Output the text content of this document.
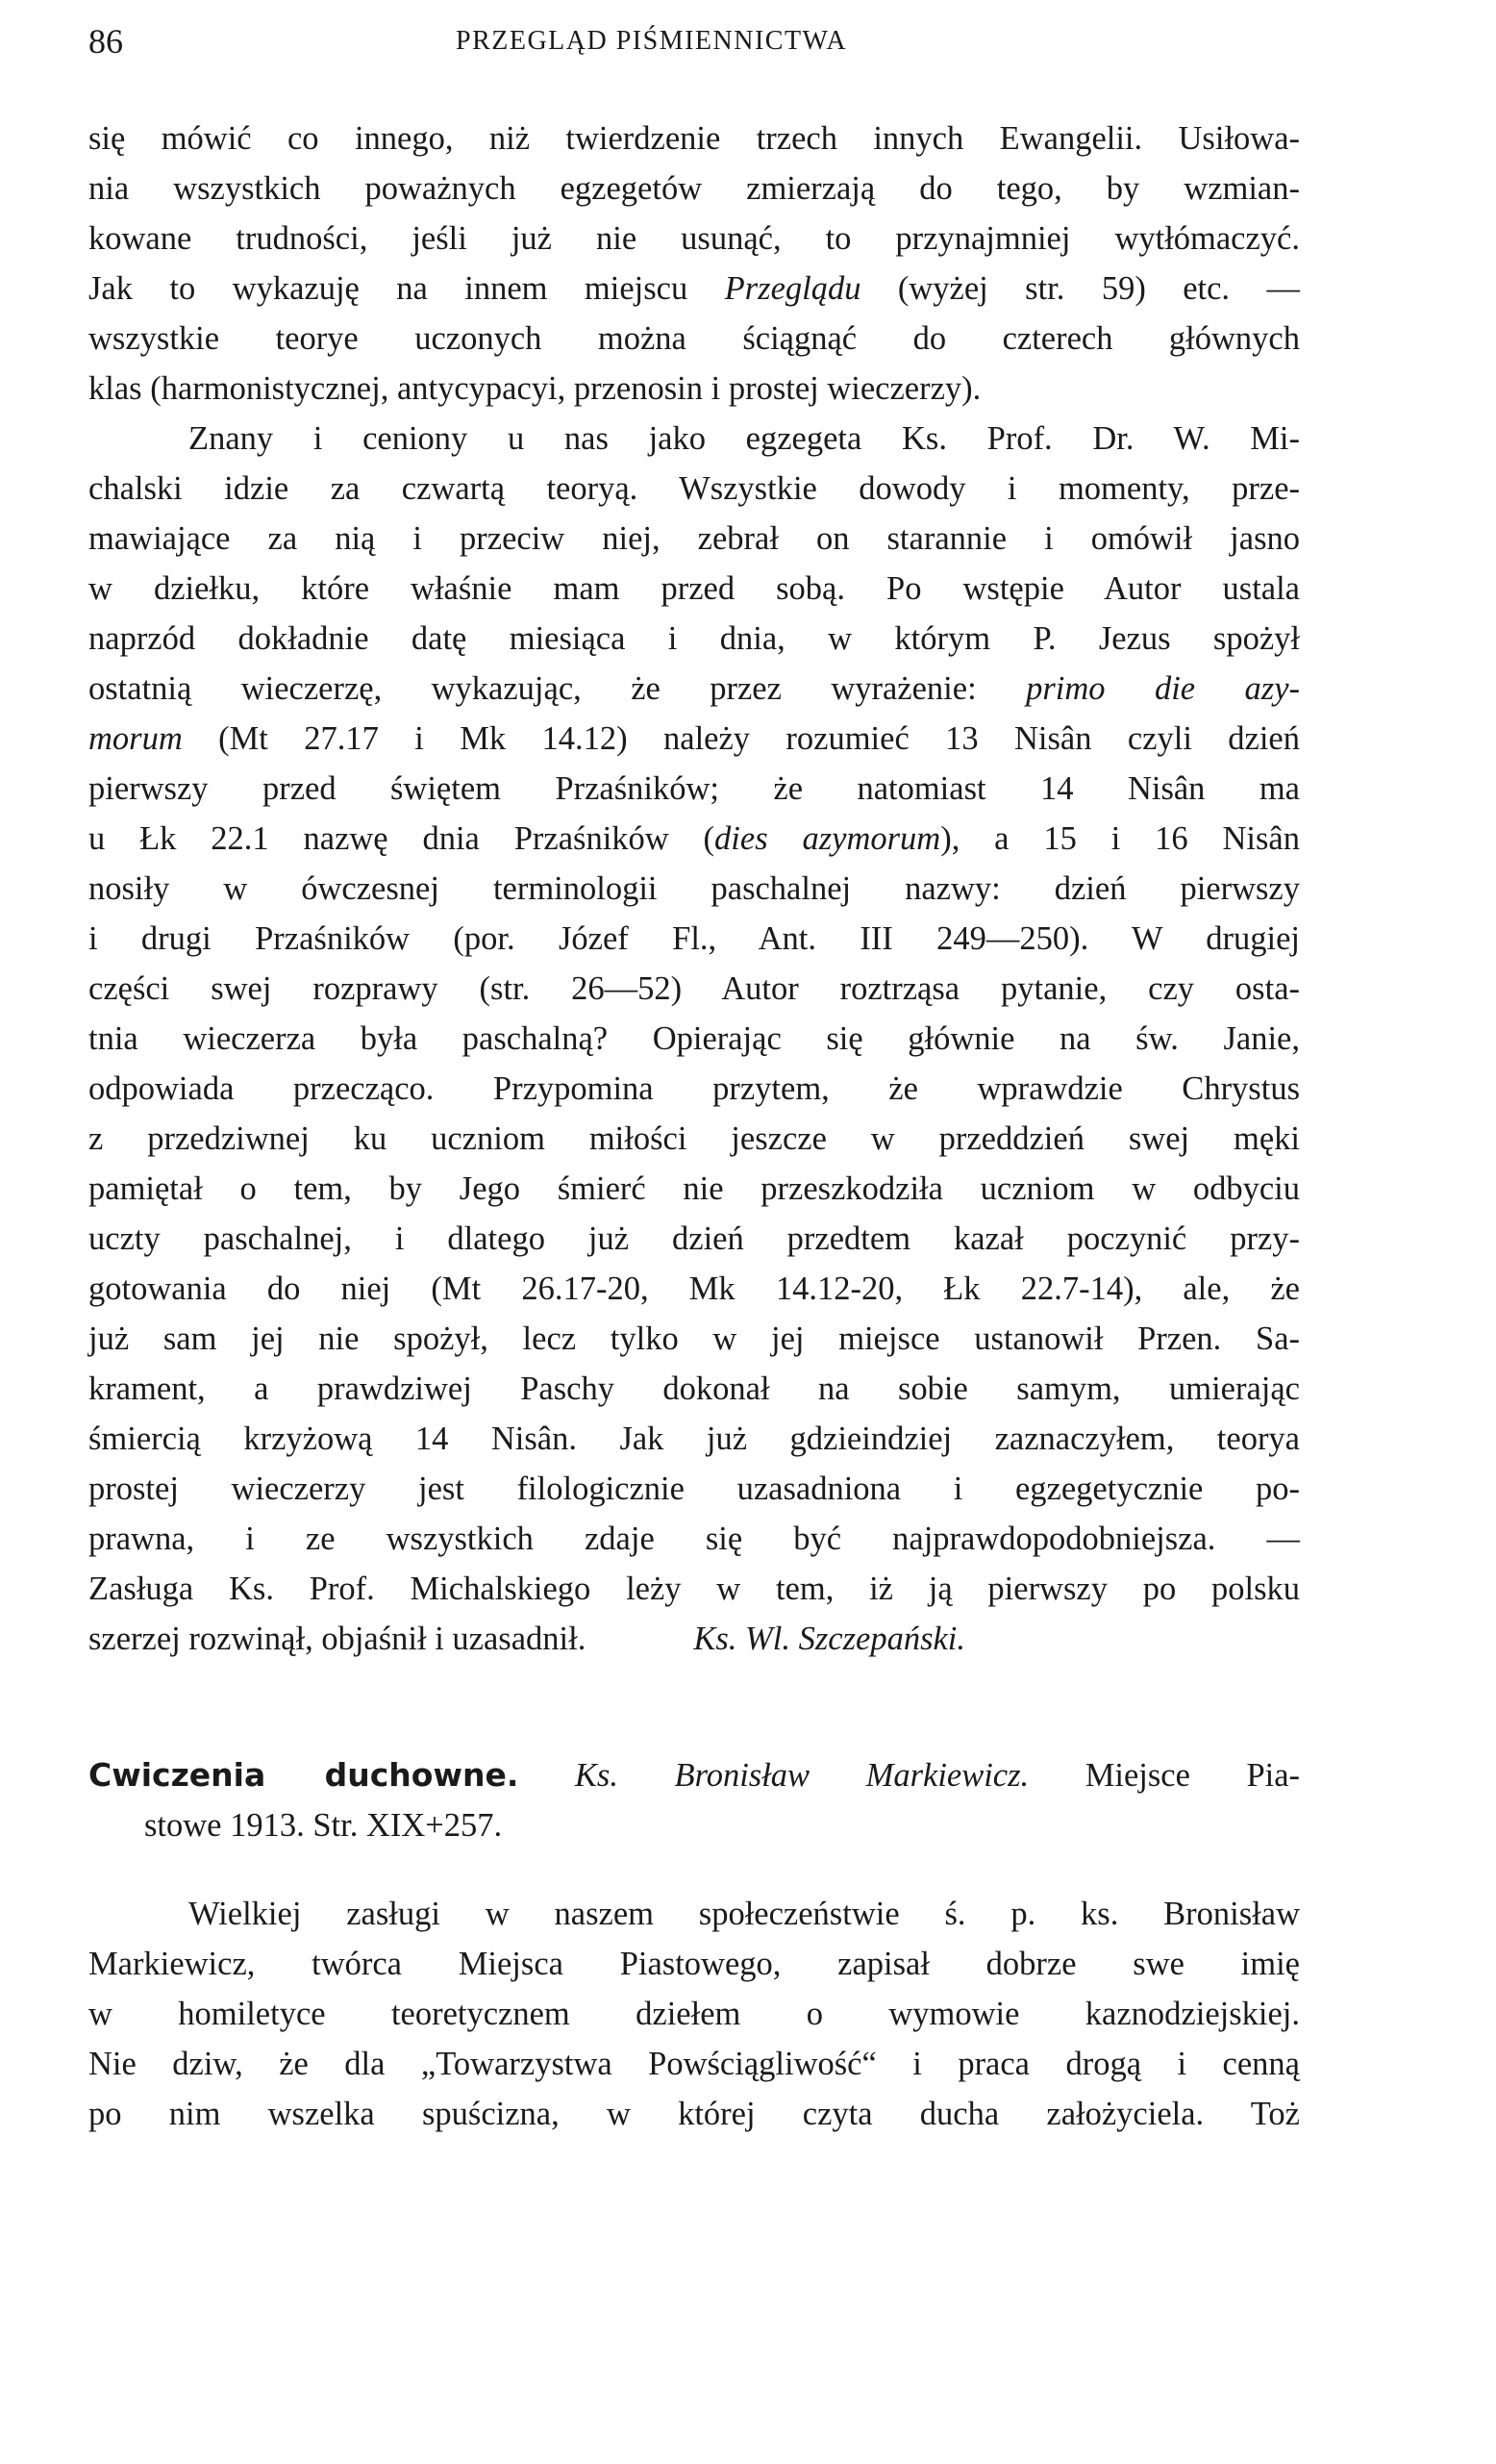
86	PRZEGLĄD PIŚMIENNICTWA
się mówić co innego, niż twierdzenie trzech innych Ewangelii. Usiłowa-
nia wszystkich poważnych egzegetów zmierzają do tego, by wzmian-
kowane trudności, jeśli już nie usunąć, to przynajmniej wytłómaczyć.
Jak to wykazuję na innem miejscu Przeglądu (wyżej str. 59) etc. —
wszystkie teorye uczonych można ściągnąć do czterech głównych
klas (harmonistycznej, antycypacyi, przenosin i prostej wieczerzy).
Znany i ceniony u nas jako egzegeta Ks. Prof. Dr. W. Mi-
chalski idzie za czwartą teoryą. Wszystkie dowody i momenty, prze-
mawiające za nią i przeciw niej, zebrał on starannie i omówił jasno
w dziełku, które właśnie mam przed sobą. Po wstępie Autor ustala
naprzód dokładnie datę miesiąca i dnia, w którym P. Jezus spożył
ostatnią wieczerzę, wykazując, że przez wyrażenie: primo die azy-
morum (Mt 27.17 i Mk 14.12) należy rozumieć 13 Nisân czyli dzień
pierwszy przed świętem Przaśników; że natomiast 14 Nisân ma
u Łk 22.1 nazwę dnia Przaśników (dies azymorum), a 15 i 16 Nisân
nosiły w ówczesnej terminologii paschalnej nazwy: dzień pierwszy
i drugi Przaśników (por. Józef Fl., Ant. III 249—250). W drugiej
części swej rozprawy (str. 26—52) Autor roztrząsa pytanie, czy osta-
tnia wieczerza była paschalną? Opierając się głównie na św. Janie,
odpowiada przecząco. Przypomina przytem, że wprawdzie Chrystus
z przedziwnej ku uczniom miłości jeszcze w przeddzień swej męki
pamiętał o tem, by Jego śmierć nie przeszkodziła uczniom w odbyciu
uczty paschalnej, i dlatego już dzień przedtem kazał poczynić przy-
gotowania do niej (Mt 26.17-20, Mk 14.12-20, Łk 22.7-14), ale, że
już sam jej nie spożył, lecz tylko w jej miejsce ustanowił Przen. Sa-
krament, a prawdziwej Paschy dokonał na sobie samym, umierając
śmiercią krzyżową 14 Nisân. Jak już gdzieindziej zaznaczyłem, teorya
prostej wieczerzy jest filologicznie uzasadniona i egzegetycznie po-
prawna, i ze wszystkich zdaje się być najprawdopodobniejsza. —
Zasługa Ks. Prof. Michalskiego leży w tem, iż ją pierwszy po polsku
szerzej rozwinął, objaśnił i uzasadnił.	Ks. Wl. Szczepański.
Cwiczenia duchowne. Ks. Bronisław Markiewicz. Miejsce Pia-
stowe 1913. Str. XIX+257.
Wielkiej zasługi w naszem społeczeństwie ś. p. ks. Bronisław
Markiewicz, twórca Miejsca Piastowego, zapisał dobrze swe imię
w homiletyce teoretycznem dziełem o wymowie kaznodziejskiej.
Nie dziw, że dla „Towarzystwa Powściągliwość“ i praca drogą i cenną
po nim wszelka spuścizna, w której czyta ducha założyciela. Toż
